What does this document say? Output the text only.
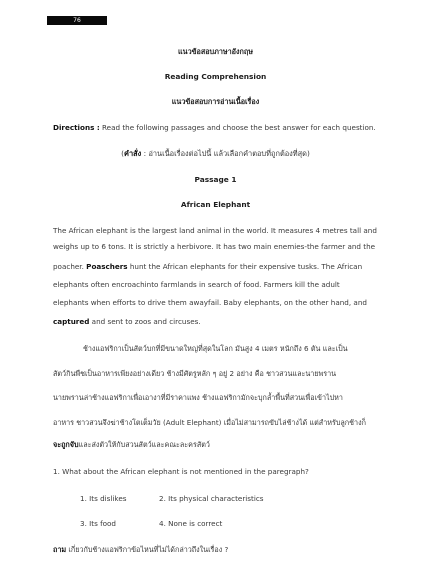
76
แนวข้อสอบภาษาอังกฤษ
Reading Comprehension
แนวข้อสอบการอ่านเนื้อเรื่อง
Directions : Read the following passages and choose the best answer for each question.
(คำสั่ง : อ่านเนื้อเรื่องต่อไปนี้ แล้วเลือกคำตอบที่ถูกต้องที่สุด)
Passage 1
African Elephant
The African elephant is the largest land animal in the world. It measures 4 metres tall and
weighs up to 6 tons. It is strictly a herbivore. It has two main enemies-the farmer and the
poacher. Poaschers hunt the African elephants for their expensive tusks. The African
elephants often encroachinto farmlands in search of food. Farmers kill the adult
elephants when efforts to drive them awayfail. Baby elephants, on the other hand, and
captured and sent to zoos and circuses.
ช้างแอฟริกาเป็นสัตว์บกที่มีขนาดใหญ่ที่สุดในโลก มันสูง 4 เมตร หนักถึง 6 ตัน และเป็น
สัตว์กินพืชเป็นอาหารเพียงอย่างเดียว ช้างมีศัตรูหลัก ๆ อยู่ 2 อย่าง คือ ชาวสวนและนายพราน
นายพรานล่าช้างแอฟริกาเพื่อเอางาที่มีราคาแพง ช้างแอฟริกามักจะบุกล้ำพื้นที่สวนเพื่อเข้าไปหา
อาหาร ชาวสวนจึงฆ่าช้างโตเต็มวัย (Adult Elephant) เมื่อไม่สามารถขับไล่ช้างได้ แต่สำหรับลูกช้างก็
จะถูกจับและส่งตัวให้กับสวนสัตว์และคณะละครสัตว์
1. What about the African elephant is not mentioned in the paregraph?
1. Its dislikes	2. Its physical characteristics
3. Its food	4. None is correct
ถาม เกี่ยวกับช้างแอฟริกาข้อไหนที่ไม่ได้กล่าวถึงในเรื่อง ?
